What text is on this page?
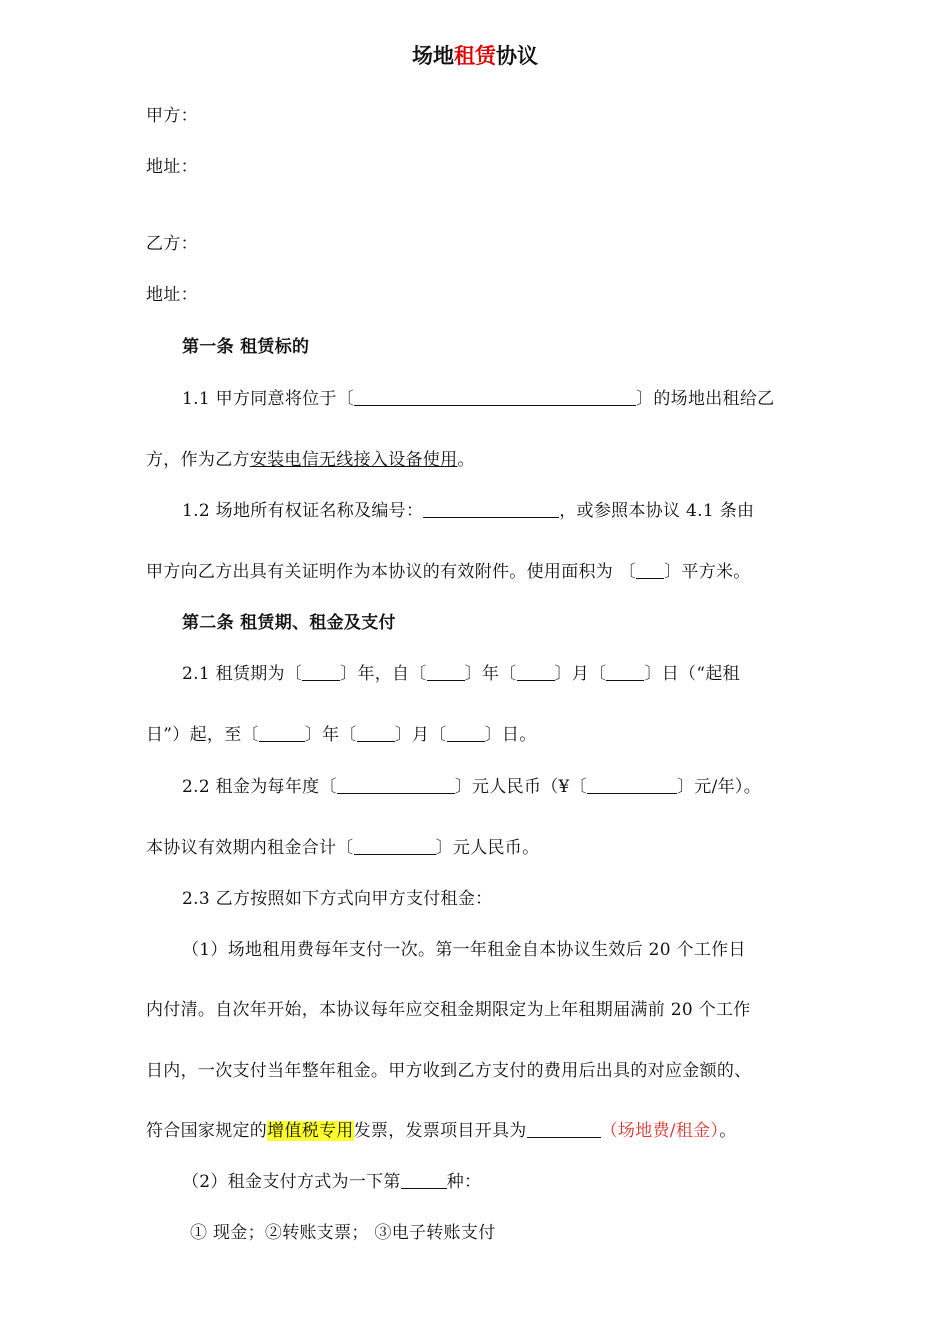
场地租赁协议
甲方：
地址：
乙方：
地址：
第一条 租赁标的
1.1 甲方同意将位于〔	〕的场地出租给乙
方，作为乙方安装电信无线接入设备使用。
1.2 场地所有权证名称及编号：	，或参照本协议 4.1 条由
甲方向乙方出具有关证明作为本协议的有效附件。使用面积为 〔 〕平方米。
第二条 租赁期、租金及支付
2.1 租赁期为〔 〕年，自〔 〕年〔 〕月〔 〕日（“起租
日”）起，至〔	〕年〔 〕月〔 〕日。
2.2 租金为每年度〔	〕元人民币（¥〔	〕元/年）。
本协议有效期内租金合计〔	〕元人民币。
2.3 乙方按照如下方式向甲方支付租金：
（1）场地租用费每年支付一次。第一年租金自本协议生效后 20 个工作日
内付清。自次年开始，本协议每年应交租金期限定为上年租期届满前 20 个工作
日内，一次支付当年整年租金。甲方收到乙方支付的费用后出具的对应金额的、
符合国家规定的增值税专用发票，发票项目开具为	（场地费/租金）。
（2）租金支付方式为一下第	种：
① 现金；②转账支票； ③电子转账支付
